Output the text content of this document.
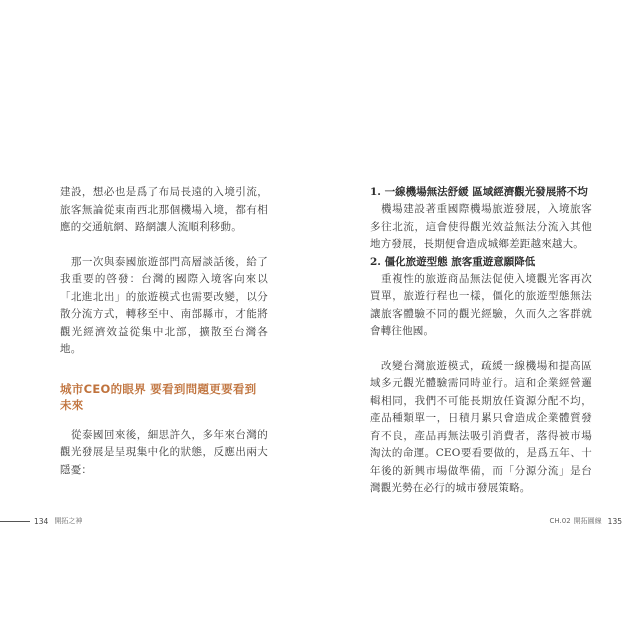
建設，想必也是爲了布局長遠的入境引流，旅客無論從東南西北那個機場入境，都有相應的交通航網、路網讓人流順利移動。

那一次與泰國旅遊部門高層談話後，給了我重要的啓發：台灣的國際入境客向來以「北進北出」的旅遊模式也需要改變，以分散分流方式，轉移至中、南部縣市，才能將觀光經濟效益從集中北部，擴散至台灣各地。

城市CEO的眼界 要看到問題更要看到未來

從泰國回來後，細思許久，多年來台灣的觀光發展是呈現集中化的狀態，反應出兩大隱憂：

1. 一線機場無法舒緩 區域經濟觀光發展將不均

機場建設著重國際機場旅遊發展，入境旅客多往北流，這會使得觀光效益無法分流入其他地方發展，長期便會造成城鄉差距越來越大。

2. 僵化旅遊型態 旅客重遊意願降低

重複性的旅遊商品無法促使入境觀光客再次買單，旅遊行程也一樣，僵化的旅遊型態無法讓旅客體驗不同的觀光經驗，久而久之客群就會轉往他國。

改變台灣旅遊模式，疏緩一線機場和提高區域多元觀光體驗需同時並行。這和企業經營邏輯相同，我們不可能長期放任資源分配不均，產品種類單一，日積月累只會造成企業體質發育不良，產品再無法吸引消費者，落得被市場淘汰的命運。CEO要看要做的，是爲五年、十年後的新興市場做準備，而「分源分流」是台灣觀光勢在必行的城市發展策略。

134 開拓之神	CH.02 開拓圓線 135
